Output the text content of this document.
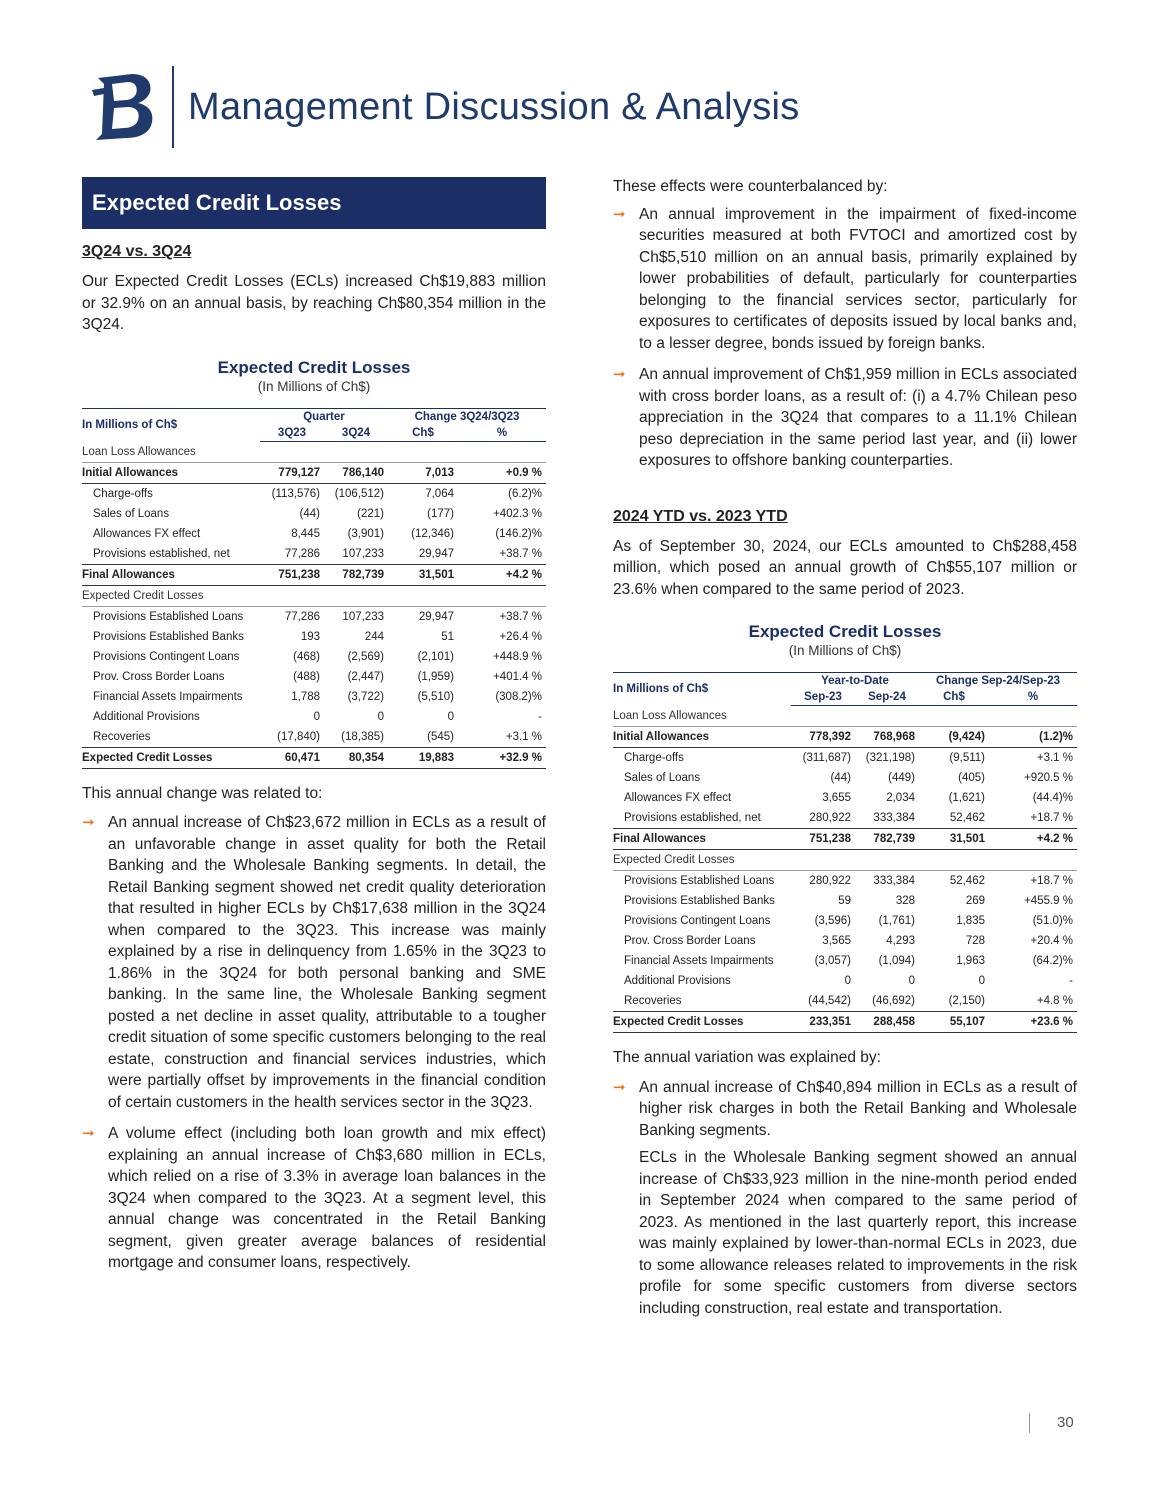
Management Discussion & Analysis
Expected Credit Losses
3Q24 vs. 3Q24
Our Expected Credit Losses (ECLs) increased Ch$19,883 million or 32.9% on an annual basis, by reaching Ch$80,354 million in the 3Q24.
Expected Credit Losses
(In Millions of Ch$)
In Millions of Ch$	Quarter		Change 3Q24/3Q23	
	3Q23	3Q24	Ch$	%
Loan Loss Allowances				
Initial Allowances	779,127	786,140	7,013	+0.9 %
Charge-offs	(113,576)	(106,512)	7,064	(6.2)%
Sales of Loans	(44)	(221)	(177)	+402.3 %
Allowances FX effect	8,445	(3,901)	(12,346)	(146.2)%
Provisions established, net	77,286	107,233	29,947	+38.7 %
Final Allowances	751,238	782,739	31,501	+4.2 %
Expected Credit Losses				
Provisions Established Loans	77,286	107,233	29,947	+38.7 %
Provisions Established Banks	193	244	51	+26.4 %
Provisions Contingent Loans	(468)	(2,569)	(2,101)	+448.9 %
Prov. Cross Border Loans	(488)	(2,447)	(1,959)	+401.4 %
Financial Assets Impairments	1,788	(3,722)	(5,510)	(308.2)%
Additional Provisions	0	0	0	-
Recoveries	(17,840)	(18,385)	(545)	+3.1 %
Expected Credit Losses	60,471	80,354	19,883	+32.9 %
This annual change was related to:
➞ An annual increase of Ch$23,672 million in ECLs as a result of an unfavorable change in asset quality for both the Retail Banking and the Wholesale Banking segments. In detail, the Retail Banking segment showed net credit quality deterioration that resulted in higher ECLs by Ch$17,638 million in the 3Q24 when compared to the 3Q23. This increase was mainly explained by a rise in delinquency from 1.65% in the 3Q23 to 1.86% in the 3Q24 for both personal banking and SME banking. In the same line, the Wholesale Banking segment posted a net decline in asset quality, attributable to a tougher credit situation of some specific customers belonging to the real estate, construction and financial services industries, which were partially offset by improvements in the financial condition of certain customers in the health services sector in the 3Q23.
➞ A volume effect (including both loan growth and mix effect) explaining an annual increase of Ch$3,680 million in ECLs, which relied on a rise of 3.3% in average loan balances in the 3Q24 when compared to the 3Q23. At a segment level, this annual change was concentrated in the Retail Banking segment, given greater average balances of residential mortgage and consumer loans, respectively.
These effects were counterbalanced by:
➞ An annual improvement in the impairment of fixed-income securities measured at both FVTOCI and amortized cost by Ch$5,510 million on an annual basis, primarily explained by lower probabilities of default, particularly for counterparties belonging to the financial services sector, particularly for exposures to certificates of deposits issued by local banks and, to a lesser degree, bonds issued by foreign banks.
➞ An annual improvement of Ch$1,959 million in ECLs associated with cross border loans, as a result of: (i) a 4.7% Chilean peso appreciation in the 3Q24 that compares to a 11.1% Chilean peso depreciation in the same period last year, and (ii) lower exposures to offshore banking counterparties.
2024 YTD vs. 2023 YTD
As of September 30, 2024, our ECLs amounted to Ch$288,458 million, which posed an annual growth of Ch$55,107 million or 23.6% when compared to the same period of 2023.
Expected Credit Losses
(In Millions of Ch$)
In Millions of Ch$	Year-to-Date		Change Sep-24/Sep-23	
	Sep-23	Sep-24	Ch$	%
Loan Loss Allowances				
Initial Allowances	778,392	768,968	(9,424)	(1.2)%
Charge-offs	(311,687)	(321,198)	(9,511)	+3.1 %
Sales of Loans	(44)	(449)	(405)	+920.5 %
Allowances FX effect	3,655	2,034	(1,621)	(44.4)%
Provisions established, net	280,922	333,384	52,462	+18.7 %
Final Allowances	751,238	782,739	31,501	+4.2 %
Expected Credit Losses				
Provisions Established Loans	280,922	333,384	52,462	+18.7 %
Provisions Established Banks	59	328	269	+455.9 %
Provisions Contingent Loans	(3,596)	(1,761)	1,835	(51.0)%
Prov. Cross Border Loans	3,565	4,293	728	+20.4 %
Financial Assets Impairments	(3,057)	(1,094)	1,963	(64.2)%
Additional Provisions	0	0	0	-
Recoveries	(44,542)	(46,692)	(2,150)	+4.8 %
Expected Credit Losses	233,351	288,458	55,107	+23.6 %
The annual variation was explained by:
➞ An annual increase of Ch$40,894 million in ECLs as a result of higher risk charges in both the Retail Banking and Wholesale Banking segments.
ECLs in the Wholesale Banking segment showed an annual increase of Ch$33,923 million in the nine-month period ended in September 2024 when compared to the same period of 2023. As mentioned in the last quarterly report, this increase was mainly explained by lower-than-normal ECLs in 2023, due to some allowance releases related to improvements in the risk profile for some specific customers from diverse sectors including construction, real estate and transportation.
30
